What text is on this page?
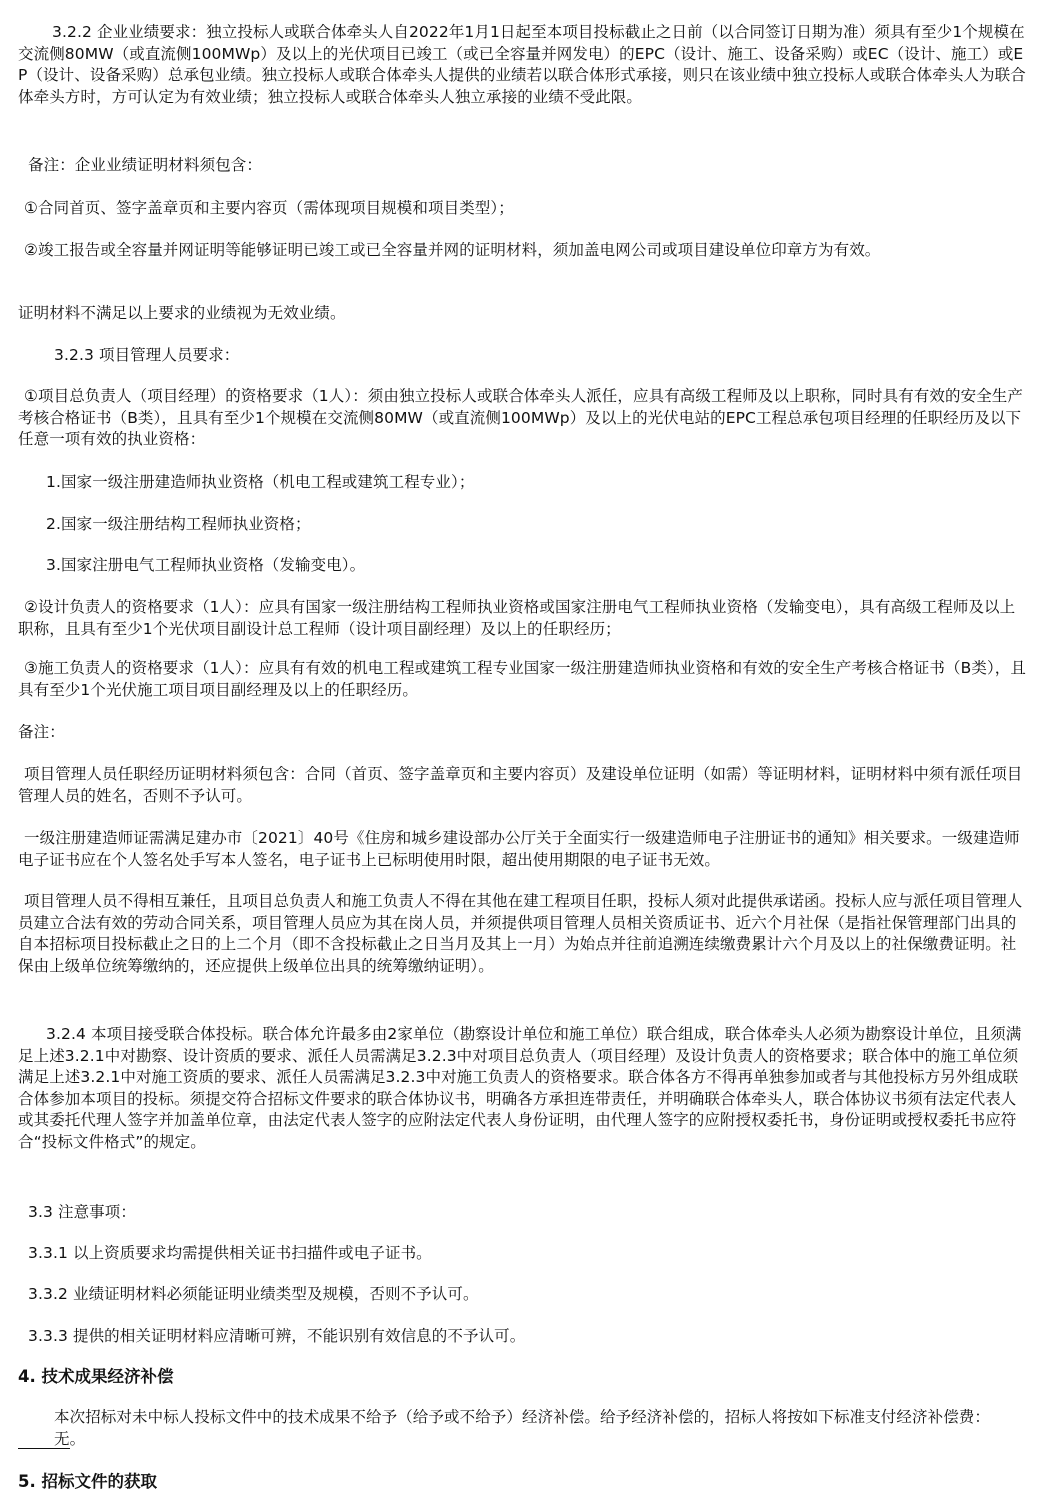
3.2.2 企业业绩要求：独立投标人或联合体牵头人自2022年1月1日起至本项目投标截止之日前（以合同签订日期为准）须具有至少1个规模在交流侧80MW（或直流侧100MWp）及以上的光伏项目已竣工（或已全容量并网发电）的EPC（设计、施工、设备采购）或EC（设计、施工）或EP（设计、设备采购）总承包业绩。独立投标人或联合体牵头人提供的业绩若以联合体形式承接，则只在该业绩中独立投标人或联合体牵头人为联合体牵头方时，方可认定为有效业绩；独立投标人或联合体牵头人独立承接的业绩不受此限。

备注：企业业绩证明材料须包含：

①合同首页、签字盖章页和主要内容页（需体现项目规模和项目类型）；

②竣工报告或全容量并网证明等能够证明已竣工或已全容量并网的证明材料，须加盖电网公司或项目建设单位印章方为有效。

证明材料不满足以上要求的业绩视为无效业绩。

3.2.3 项目管理人员要求：

①项目总负责人（项目经理）的资格要求（1人）：须由独立投标人或联合体牵头人派任，应具有高级工程师及以上职称，同时具有有效的安全生产考核合格证书（B类），且具有至少1个规模在交流侧80MW（或直流侧100MWp）及以上的光伏电站的EPC工程总承包项目经理的任职经历及以下任意一项有效的执业资格：

1.国家一级注册建造师执业资格（机电工程或建筑工程专业）；

2.国家一级注册结构工程师执业资格；

3.国家注册电气工程师执业资格（发输变电）。

②设计负责人的资格要求（1人）：应具有国家一级注册结构工程师执业资格或国家注册电气工程师执业资格（发输变电），具有高级工程师及以上职称，且具有至少1个光伏项目副设计总工程师（设计项目副经理）及以上的任职经历；

③施工负责人的资格要求（1人）：应具有有效的机电工程或建筑工程专业国家一级注册建造师执业资格和有效的安全生产考核合格证书（B类），且具有至少1个光伏施工项目项目副经理及以上的任职经历。

备注：

项目管理人员任职经历证明材料须包含：合同（首页、签字盖章页和主要内容页）及建设单位证明（如需）等证明材料，证明材料中须有派任项目管理人员的姓名，否则不予认可。

一级注册建造师证需满足建办市〔2021〕40号《住房和城乡建设部办公厅关于全面实行一级建造师电子注册证书的通知》相关要求。一级建造师电子证书应在个人签名处手写本人签名，电子证书上已标明使用时限，超出使用期限的电子证书无效。

项目管理人员不得相互兼任，且项目总负责人和施工负责人不得在其他在建工程项目任职，投标人须对此提供承诺函。投标人应与派任项目管理人员建立合法有效的劳动合同关系，项目管理人员应为其在岗人员，并须提供项目管理人员相关资质证书、近六个月社保（是指社保管理部门出具的自本招标项目投标截止之日的上二个月（即不含投标截止之日当月及其上一月）为始点并往前追溯连续缴费累计六个月及以上的社保缴费证明。社保由上级单位统筹缴纳的，还应提供上级单位出具的统筹缴纳证明）。

3.2.4 本项目接受联合体投标。联合体允许最多由2家单位（勘察设计单位和施工单位）联合组成，联合体牵头人必须为勘察设计单位，且须满足上述3.2.1中对勘察、设计资质的要求、派任人员需满足3.2.3中对项目总负责人（项目经理）及设计负责人的资格要求；联合体中的施工单位须满足上述3.2.1中对施工资质的要求、派任人员需满足3.2.3中对施工负责人的资格要求。联合体各方不得再单独参加或者与其他投标方另外组成联合体参加本项目的投标。须提交符合招标文件要求的联合体协议书，明确各方承担连带责任，并明确联合体牵头人，联合体协议书须有法定代表人或其委托代理人签字并加盖单位章，由法定代表人签字的应附法定代表人身份证明，由代理人签字的应附授权委托书，身份证明或授权委托书应符合“投标文件格式”的规定。

3.3 注意事项：

3.3.1 以上资质要求均需提供相关证书扫描件或电子证书。

3.3.2 业绩证明材料必须能证明业绩类型及规模，否则不予认可。

3.3.3 提供的相关证明材料应清晰可辨，不能识别有效信息的不予认可。

4. 技术成果经济补偿

本次招标对未中标人投标文件中的技术成果不给予（给予或不给予）经济补偿。给予经济补偿的，招标人将按如下标准支付经济补偿费：无。

5. 招标文件的获取
